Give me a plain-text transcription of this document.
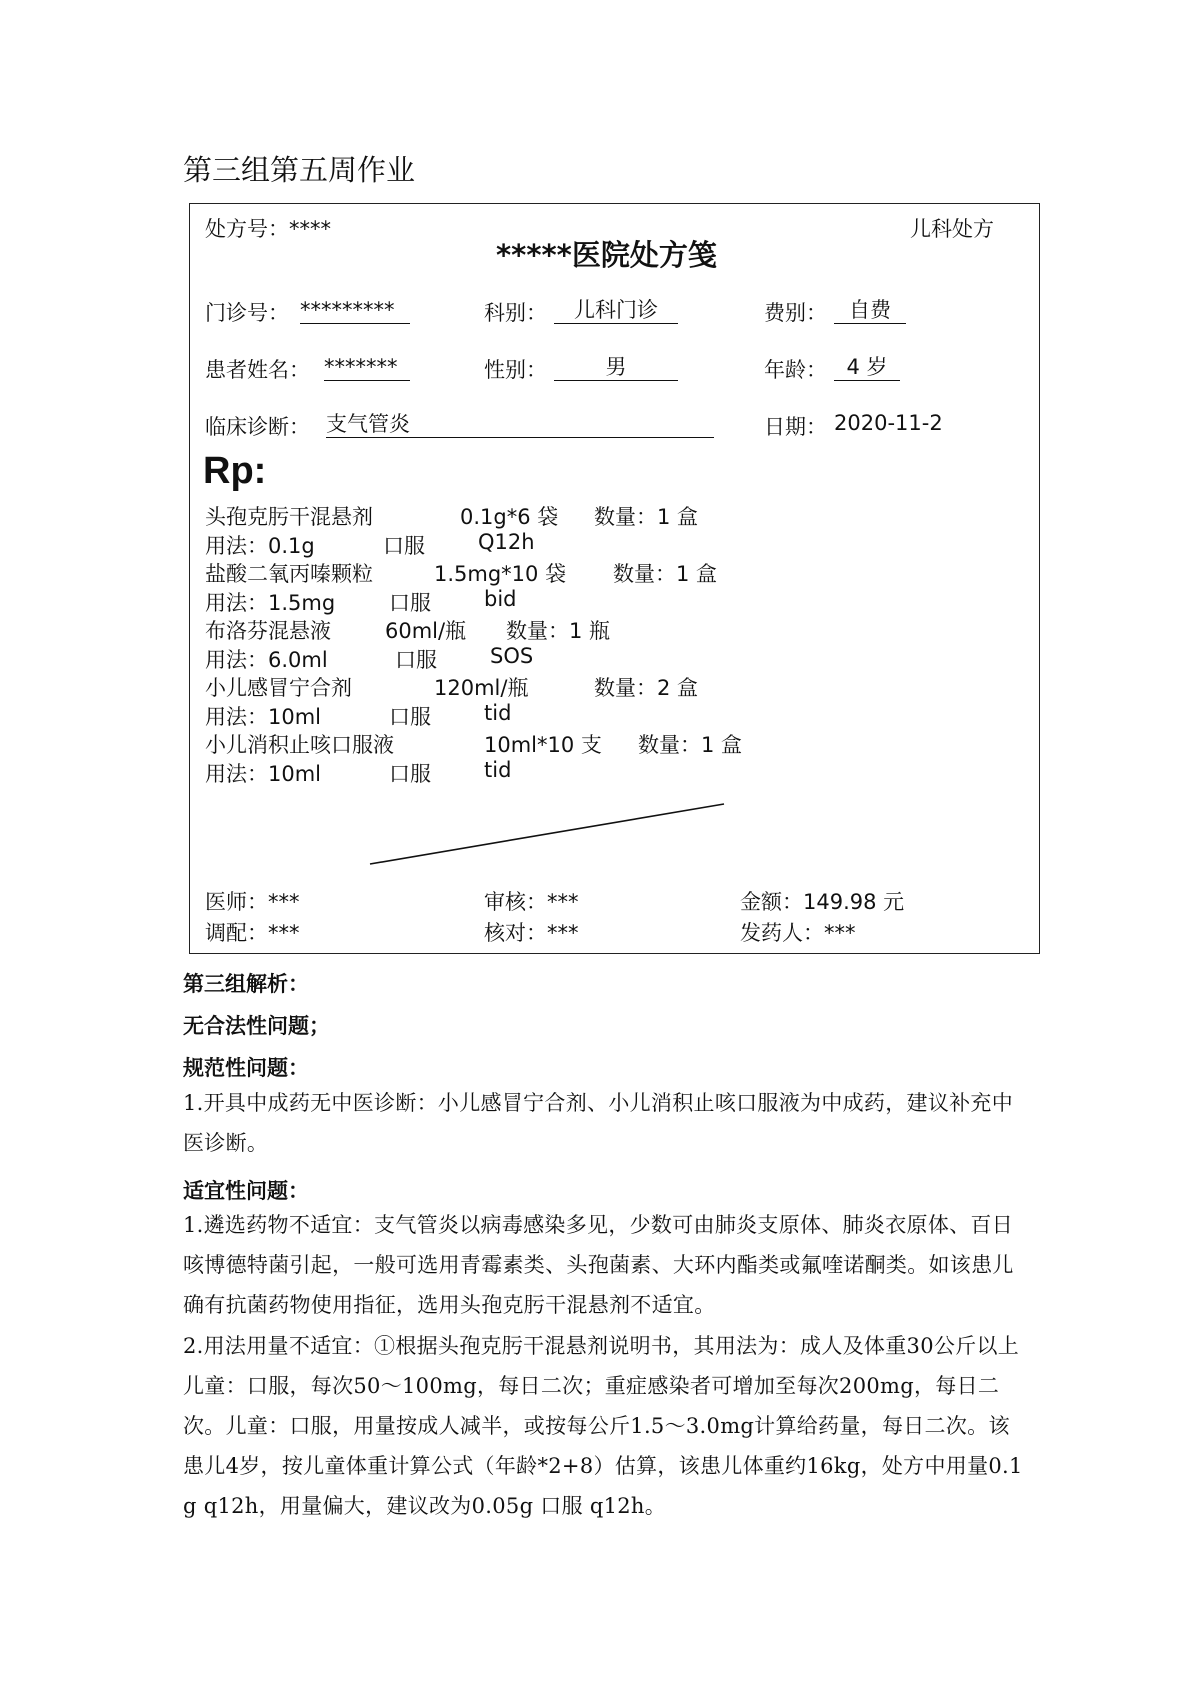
第三组第五周作业
处方号：****	儿科处方
*****医院处方笺
门诊号： *********	科别：	儿科门诊	费别：	自费
患者姓名： *******	性别：	男	年龄： 4 岁
临床诊断： 支气管炎	日期： 2020-11-2
Rp:
头孢克肟干混悬剂	0.1g*6 袋 数量：1 盒
用法：0.1g	口服	Q12h
盐酸二氧丙嗪颗粒	1.5mg*10 袋 数量：1 盒
用法：1.5mg	口服	bid
布洛芬混悬液	60ml/瓶 数量：1 瓶
用法：6.0ml	口服	SOS
小儿感冒宁合剂	120ml/瓶	数量：2 盒
用法：10ml	口服	tid
小儿消积止咳口服液	10ml*10 支 数量：1 盒
用法：10ml	口服	tid
医师：***	审核：***	金额：149.98 元
调配：***	核对：***	发药人：***
第三组解析：
无合法性问题；
规范性问题：
1.开具中成药无中医诊断：小儿感冒宁合剂、小儿消积止咳口服液为中成药，建议补充中医诊断。
适宜性问题：
1.遴选药物不适宜：支气管炎以病毒感染多见，少数可由肺炎支原体、肺炎衣原体、百日咳博德特菌引起，一般可选用青霉素类、头孢菌素、大环内酯类或氟喹诺酮类。如该患儿确有抗菌药物使用指征，选用头孢克肟干混悬剂不适宜。
2.用法用量不适宜：①根据头孢克肟干混悬剂说明书，其用法为：成人及体重30公斤以上儿童：口服，每次50～100mg，每日二次；重症感染者可增加至每次200mg，每日二次。儿童：口服，用量按成人减半，或按每公斤1.5～3.0mg计算给药量，每日二次。该患儿4岁，按儿童体重计算公式（年龄*2+8）估算，该患儿体重约16kg，处方中用量0.1g q12h，用量偏大，建议改为0.05g 口服 q12h。
